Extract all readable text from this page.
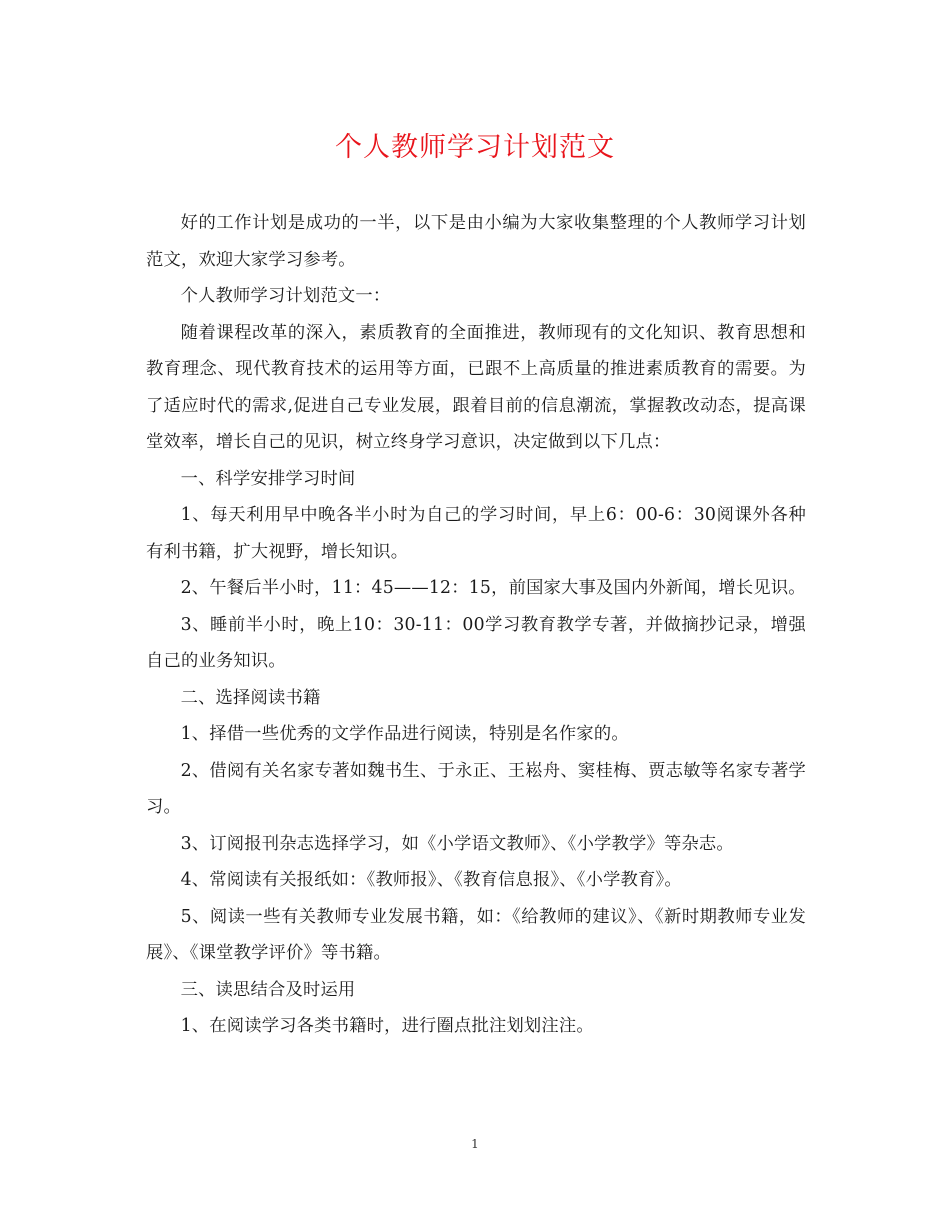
个人教师学习计划范文

好的工作计划是成功的一半，以下是由小编为大家收集整理的个人教师学习计划范文，欢迎大家学习参考。

个人教师学习计划范文一：

随着课程改革的深入，素质教育的全面推进，教师现有的文化知识、教育思想和教育理念、现代教育技术的运用等方面，已跟不上高质量的推进素质教育的需要。为了适应时代的需求,促进自己专业发展，跟着目前的信息潮流，掌握教改动态，提高课堂效率，增长自己的见识，树立终身学习意识，决定做到以下几点：

一、科学安排学习时间

1、每天利用早中晚各半小时为自己的学习时间，早上6：00-6：30阅课外各种有利书籍，扩大视野，增长知识。

2、午餐后半小时，11：45——12：15，前国家大事及国内外新闻，增长见识。

3、睡前半小时，晚上10：30-11：00学习教育教学专著，并做摘抄记录，增强自己的业务知识。

二、选择阅读书籍

1、择借一些优秀的文学作品进行阅读，特别是名作家的。

2、借阅有关名家专著如魏书生、于永正、王崧舟、窦桂梅、贾志敏等名家专著学习。

3、订阅报刊杂志选择学习，如《小学语文教师》、《小学教学》等杂志。

4、常阅读有关报纸如：《教师报》、《教育信息报》、《小学教育》。

5、阅读一些有关教师专业发展书籍，如：《给教师的建议》、《新时期教师专业发展》、《课堂教学评价》等书籍。

三、读思结合及时运用

1、在阅读学习各类书籍时，进行圈点批注划划注注。

1
